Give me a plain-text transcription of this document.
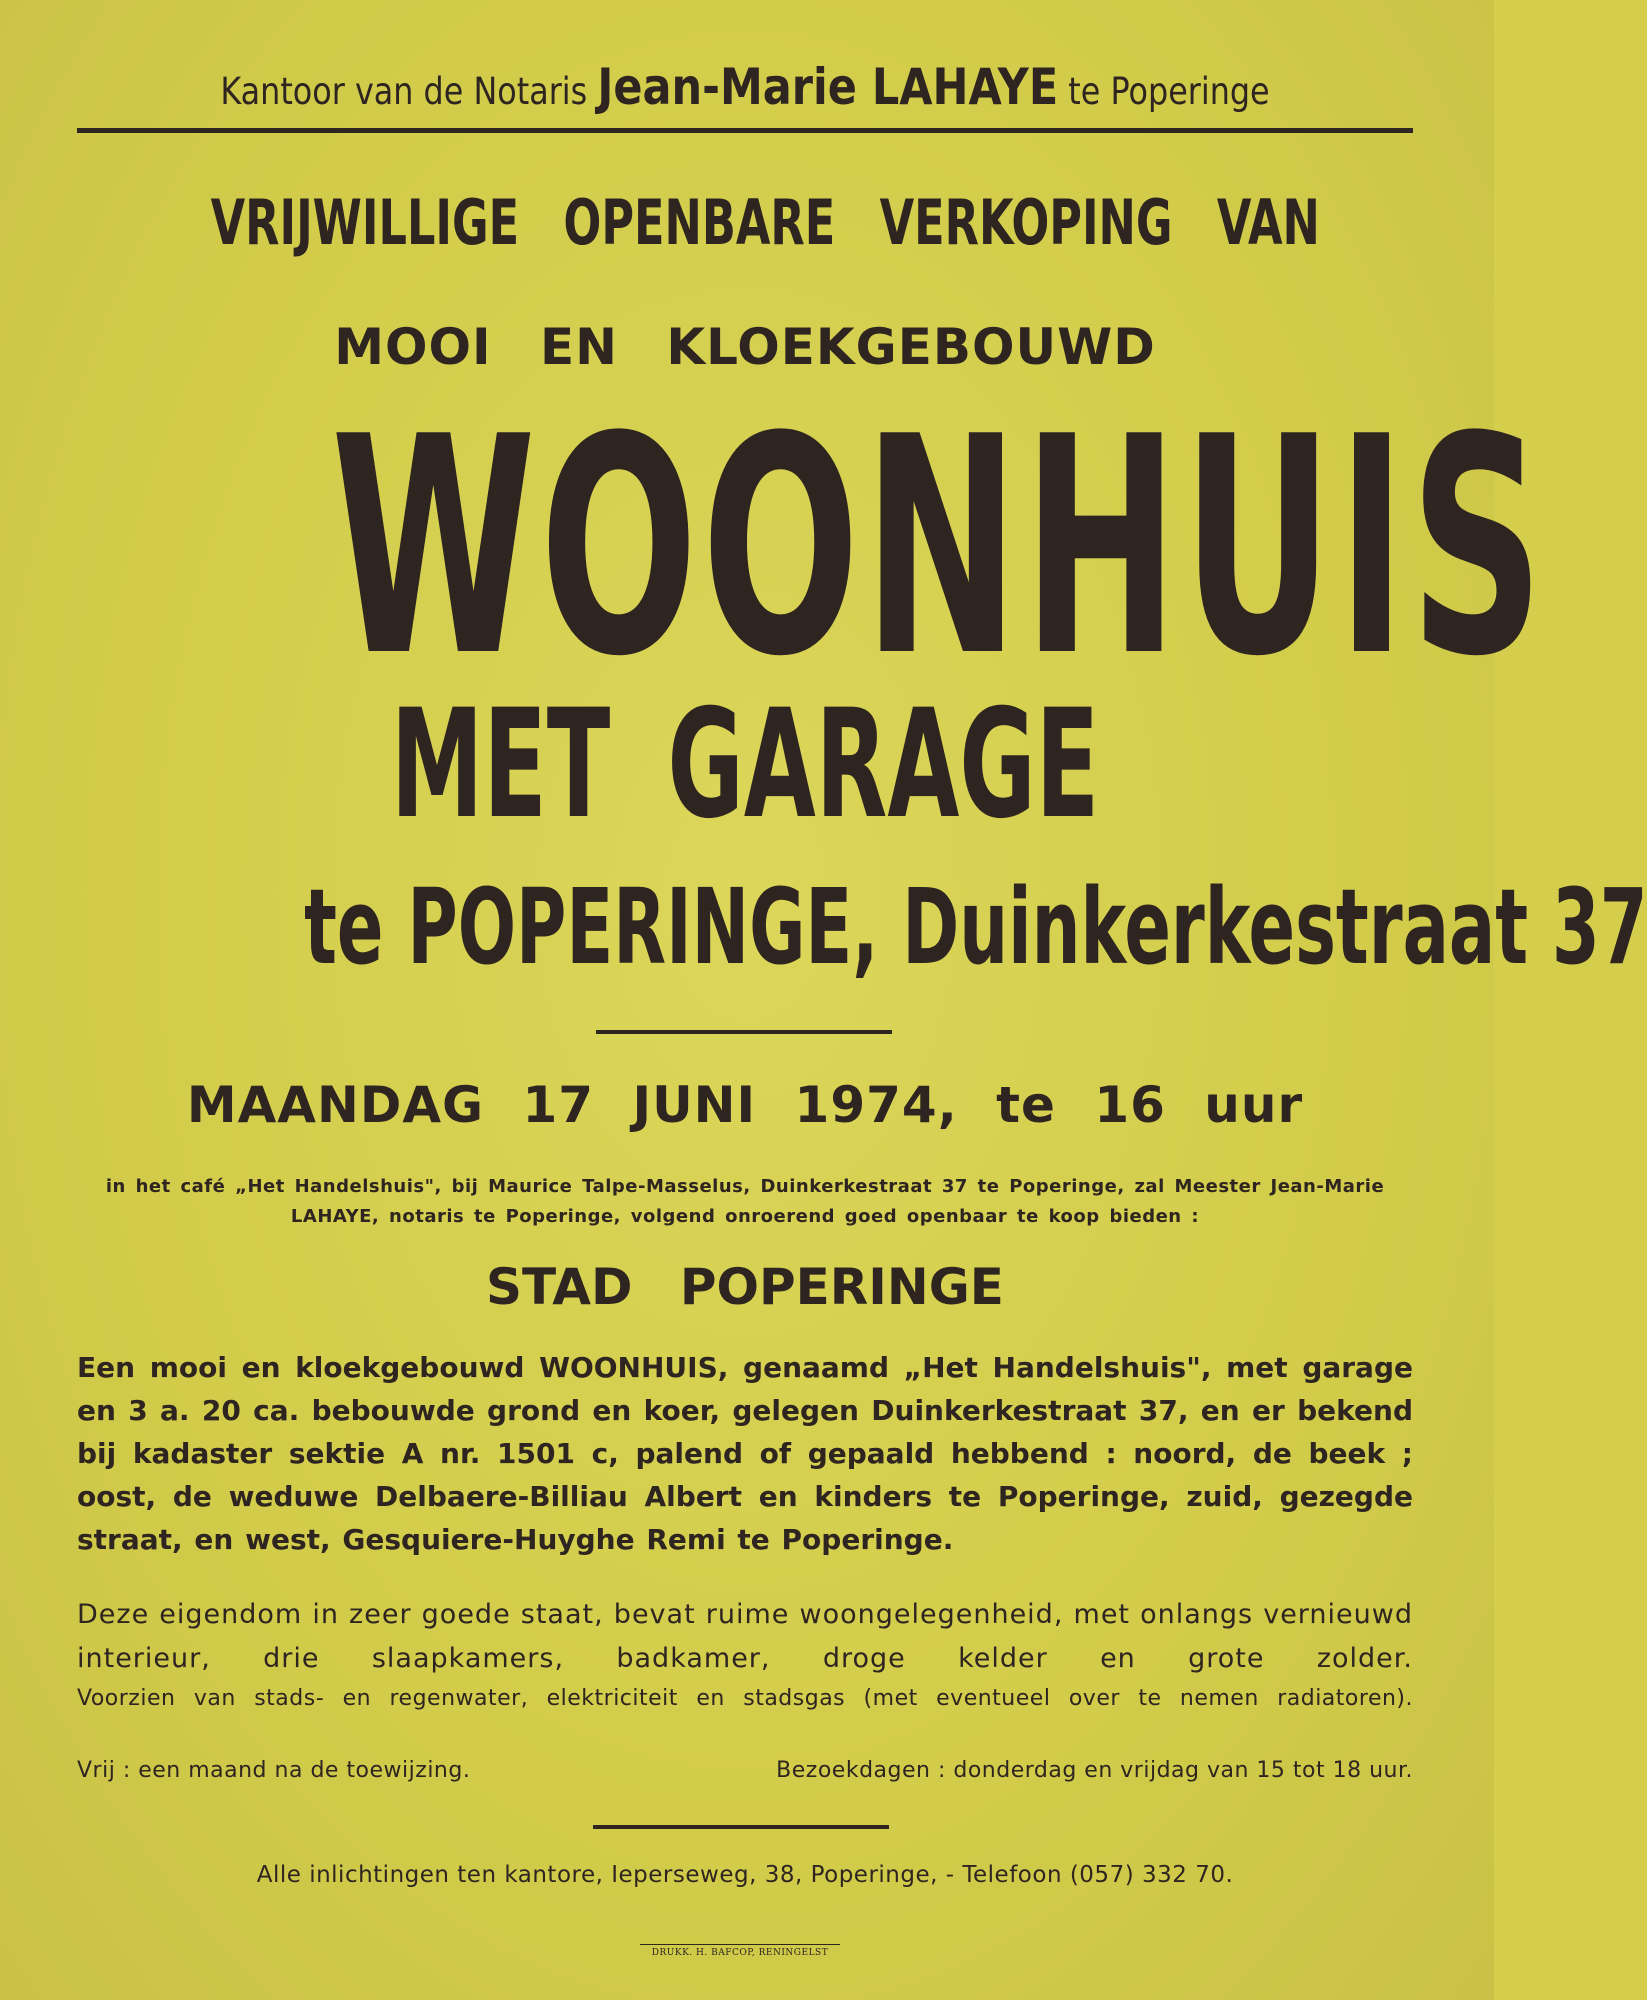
Kantoor van de Notaris Jean-Marie LAHAYE te Poperinge
VRIJWILLIGE OPENBARE VERKOPING VAN
MOOI EN KLOEKGEBOUWD
WOONHUIS
MET GARAGE
te POPERINGE, Duinkerkestraat 37
MAANDAG 17 JUNI 1974, te 16 uur
in het café „Het Handelshuis", bij Maurice Talpe-Masselus, Duinkerkestraat 37 te Poperinge, zal Meester Jean-Marie LAHAYE, notaris te Poperinge, volgend onroerend goed openbaar te koop bieden :
STAD POPERINGE
Een mooi en kloekgebouwd WOONHUIS, genaamd „Het Handelshuis", met garage en 3 a. 20 ca. bebouwde grond en koer, gelegen Duinkerkestraat 37, en er bekend bij kadaster sektie A nr. 1501 c, palend of gepaald hebbend : noord, de beek ; oost, de weduwe Delbaere-Billiau Albert en kinders te Poperinge, zuid, gezegde straat, en west, Gesquiere-Huyghe Remi te Poperinge.
Deze eigendom in zeer goede staat, bevat ruime woongelegenheid, met onlangs vernieuwd interieur, drie slaapkamers, badkamer, droge kelder en grote zolder.
Voorzien van stads- en regenwater, elektriciteit en stadsgas (met eventueel over te nemen radiatoren).
Vrij : een maand na de toewijzing.	Bezoekdagen : donderdag en vrijdag van 15 tot 18 uur.
Alle inlichtingen ten kantore, Ieperseweg, 38, Poperinge, - Telefoon (057) 332 70.
DRUKK. H. BAFCOP, RENINGELST
